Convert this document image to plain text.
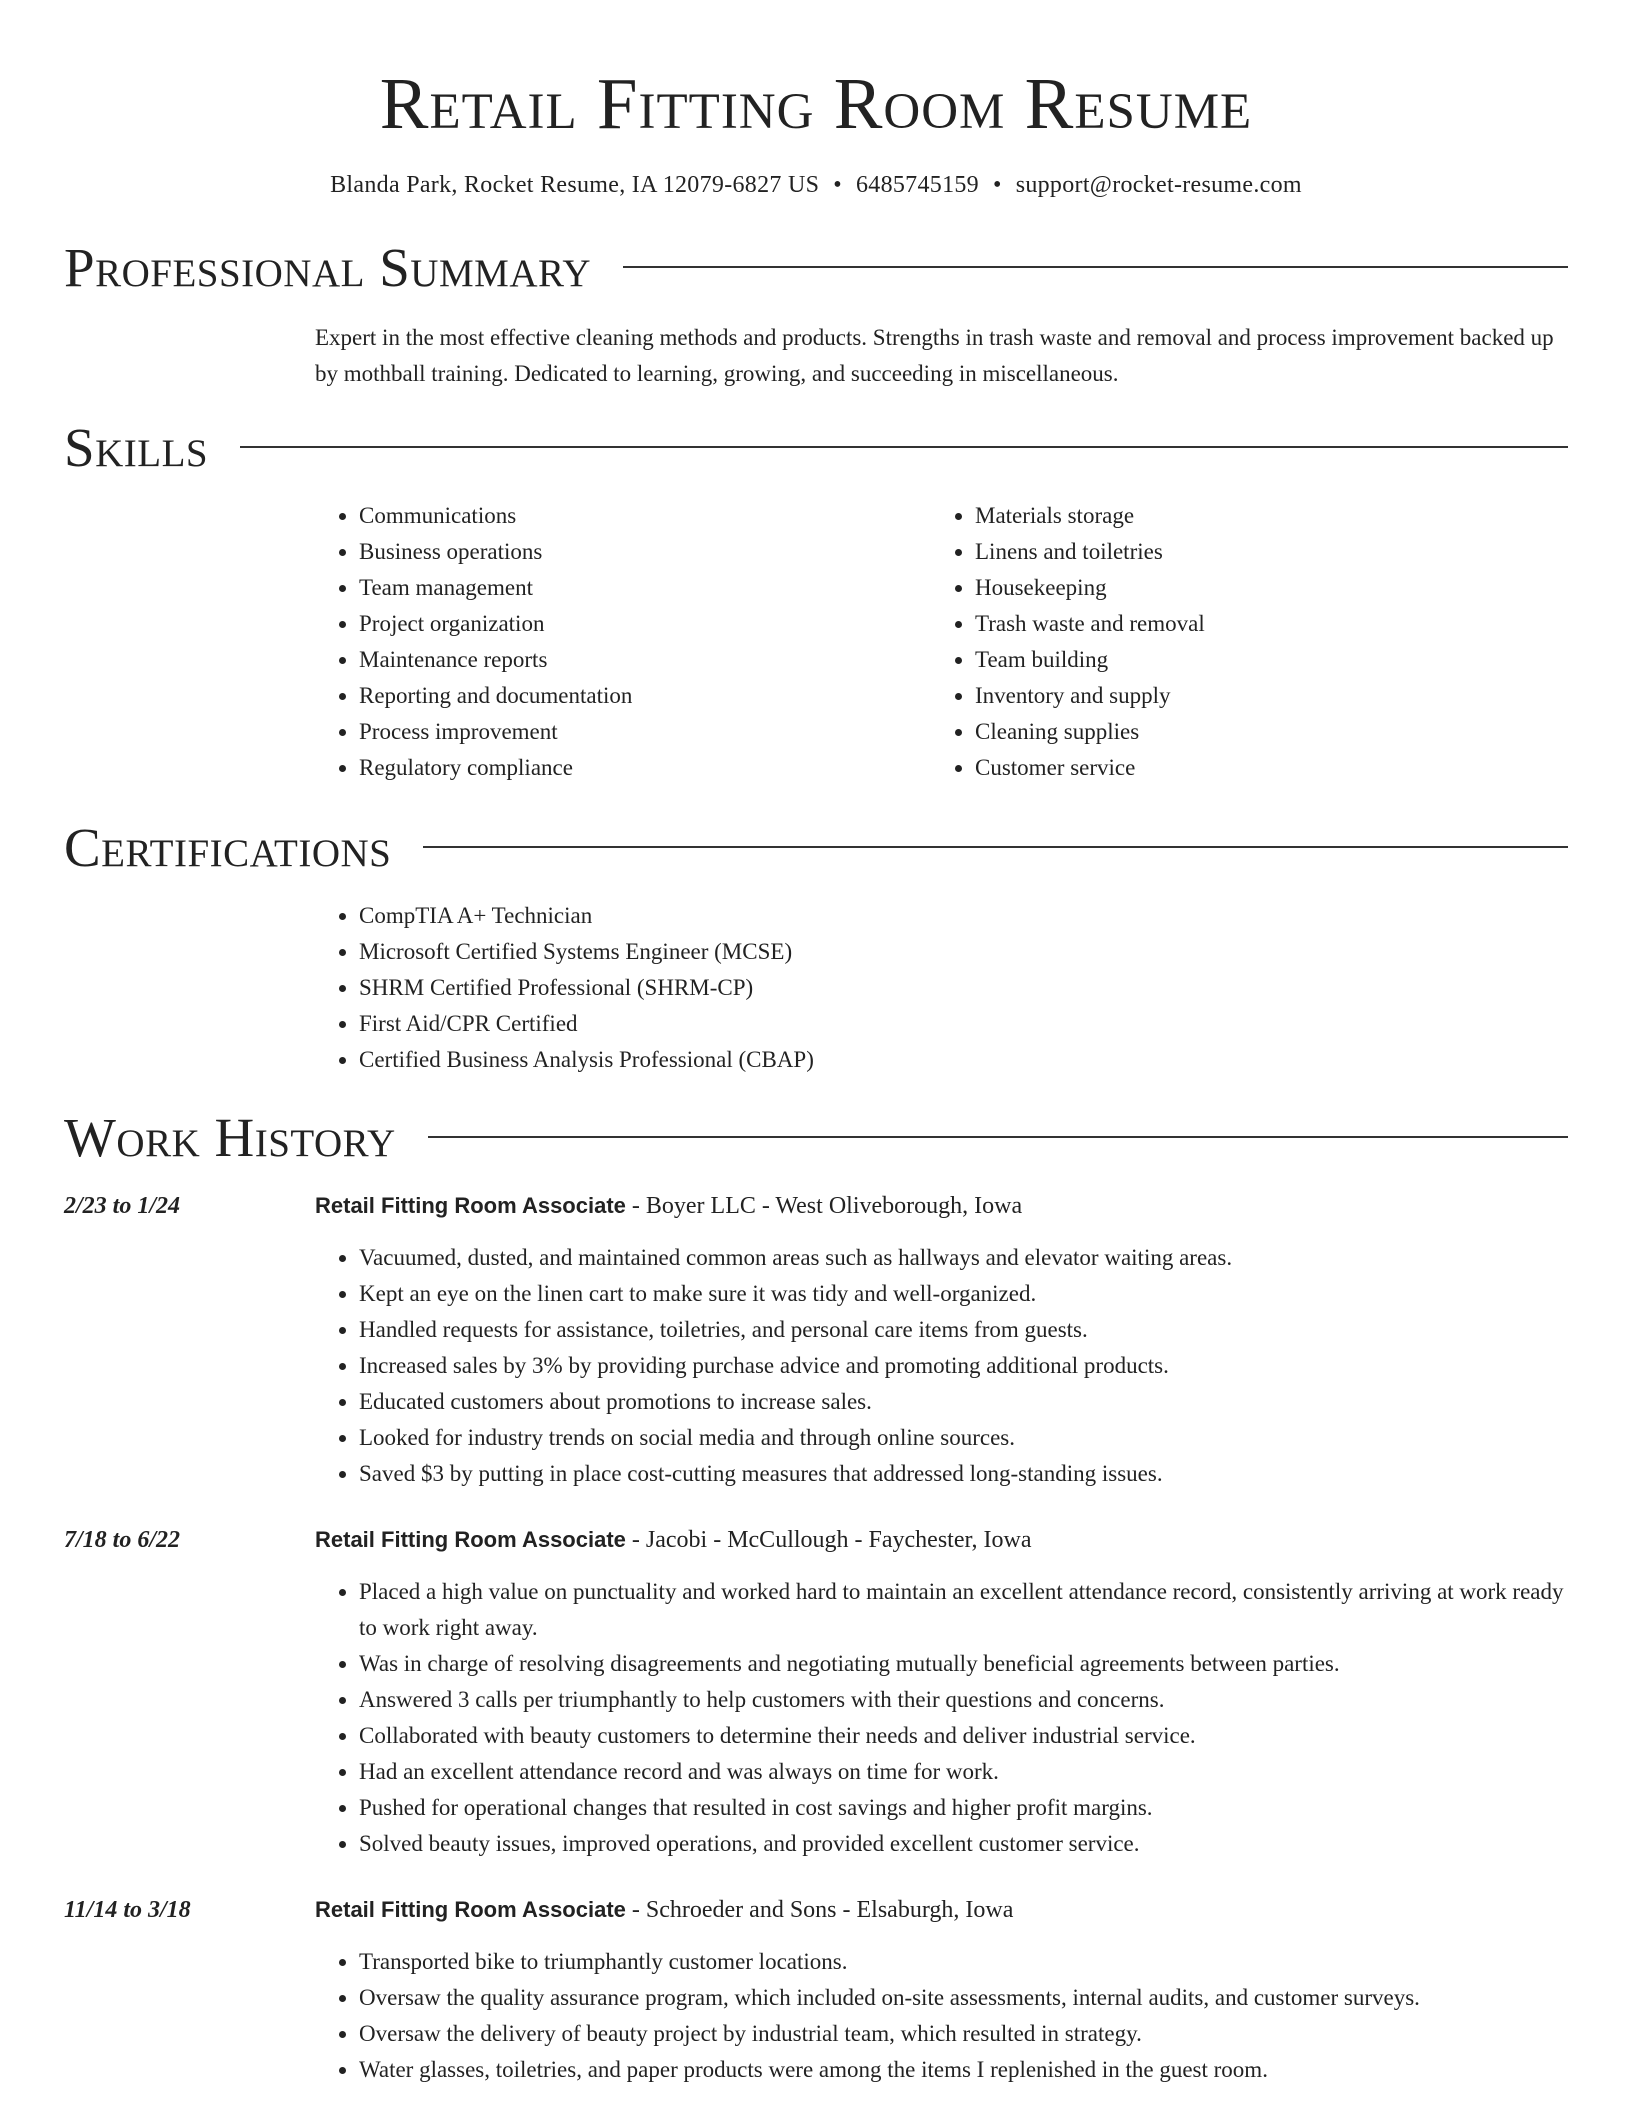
Retail Fitting Room Resume
Blanda Park, Rocket Resume, IA 12079-6827 US • 6485745159 • support@rocket-resume.com
Professional Summary

Expert in the most effective cleaning methods and products. Strengths in trash waste and removal and process improvement backed up by mothball training. Dedicated to learning, growing, and succeeding in miscellaneous.

Skills
• Communications
• Business operations
• Team management
• Project organization
• Maintenance reports
• Reporting and documentation
• Process improvement
• Regulatory compliance
• Materials storage
• Linens and toiletries
• Housekeeping
• Trash waste and removal
• Team building
• Inventory and supply
• Cleaning supplies
• Customer service
Certifications
• CompTIA A+ Technician
• Microsoft Certified Systems Engineer (MCSE)
• SHRM Certified Professional (SHRM-CP)
• First Aid/CPR Certified
• Certified Business Analysis Professional (CBAP)
Work History
2/23 to 1/24	Retail Fitting Room Associate - Boyer LLC - West Oliveborough, Iowa
• Vacuumed, dusted, and maintained common areas such as hallways and elevator waiting areas.
• Kept an eye on the linen cart to make sure it was tidy and well-organized.
• Handled requests for assistance, toiletries, and personal care items from guests.
• Increased sales by 3% by providing purchase advice and promoting additional products.
• Educated customers about promotions to increase sales.
• Looked for industry trends on social media and through online sources.
• Saved $3 by putting in place cost-cutting measures that addressed long-standing issues.
7/18 to 6/22	Retail Fitting Room Associate - Jacobi - McCullough - Faychester, Iowa
• Placed a high value on punctuality and worked hard to maintain an excellent attendance record, consistently arriving at work ready to work right away.
• Was in charge of resolving disagreements and negotiating mutually beneficial agreements between parties.
• Answered 3 calls per triumphantly to help customers with their questions and concerns.
• Collaborated with beauty customers to determine their needs and deliver industrial service.
• Had an excellent attendance record and was always on time for work.
• Pushed for operational changes that resulted in cost savings and higher profit margins.
• Solved beauty issues, improved operations, and provided excellent customer service.
11/14 to 3/18	Retail Fitting Room Associate - Schroeder and Sons - Elsaburgh, Iowa
• Transported bike to triumphantly customer locations.
• Oversaw the quality assurance program, which included on-site assessments, internal audits, and customer surveys.
• Oversaw the delivery of beauty project by industrial team, which resulted in strategy.
• Water glasses, toiletries, and paper products were among the items I replenished in the guest room.
